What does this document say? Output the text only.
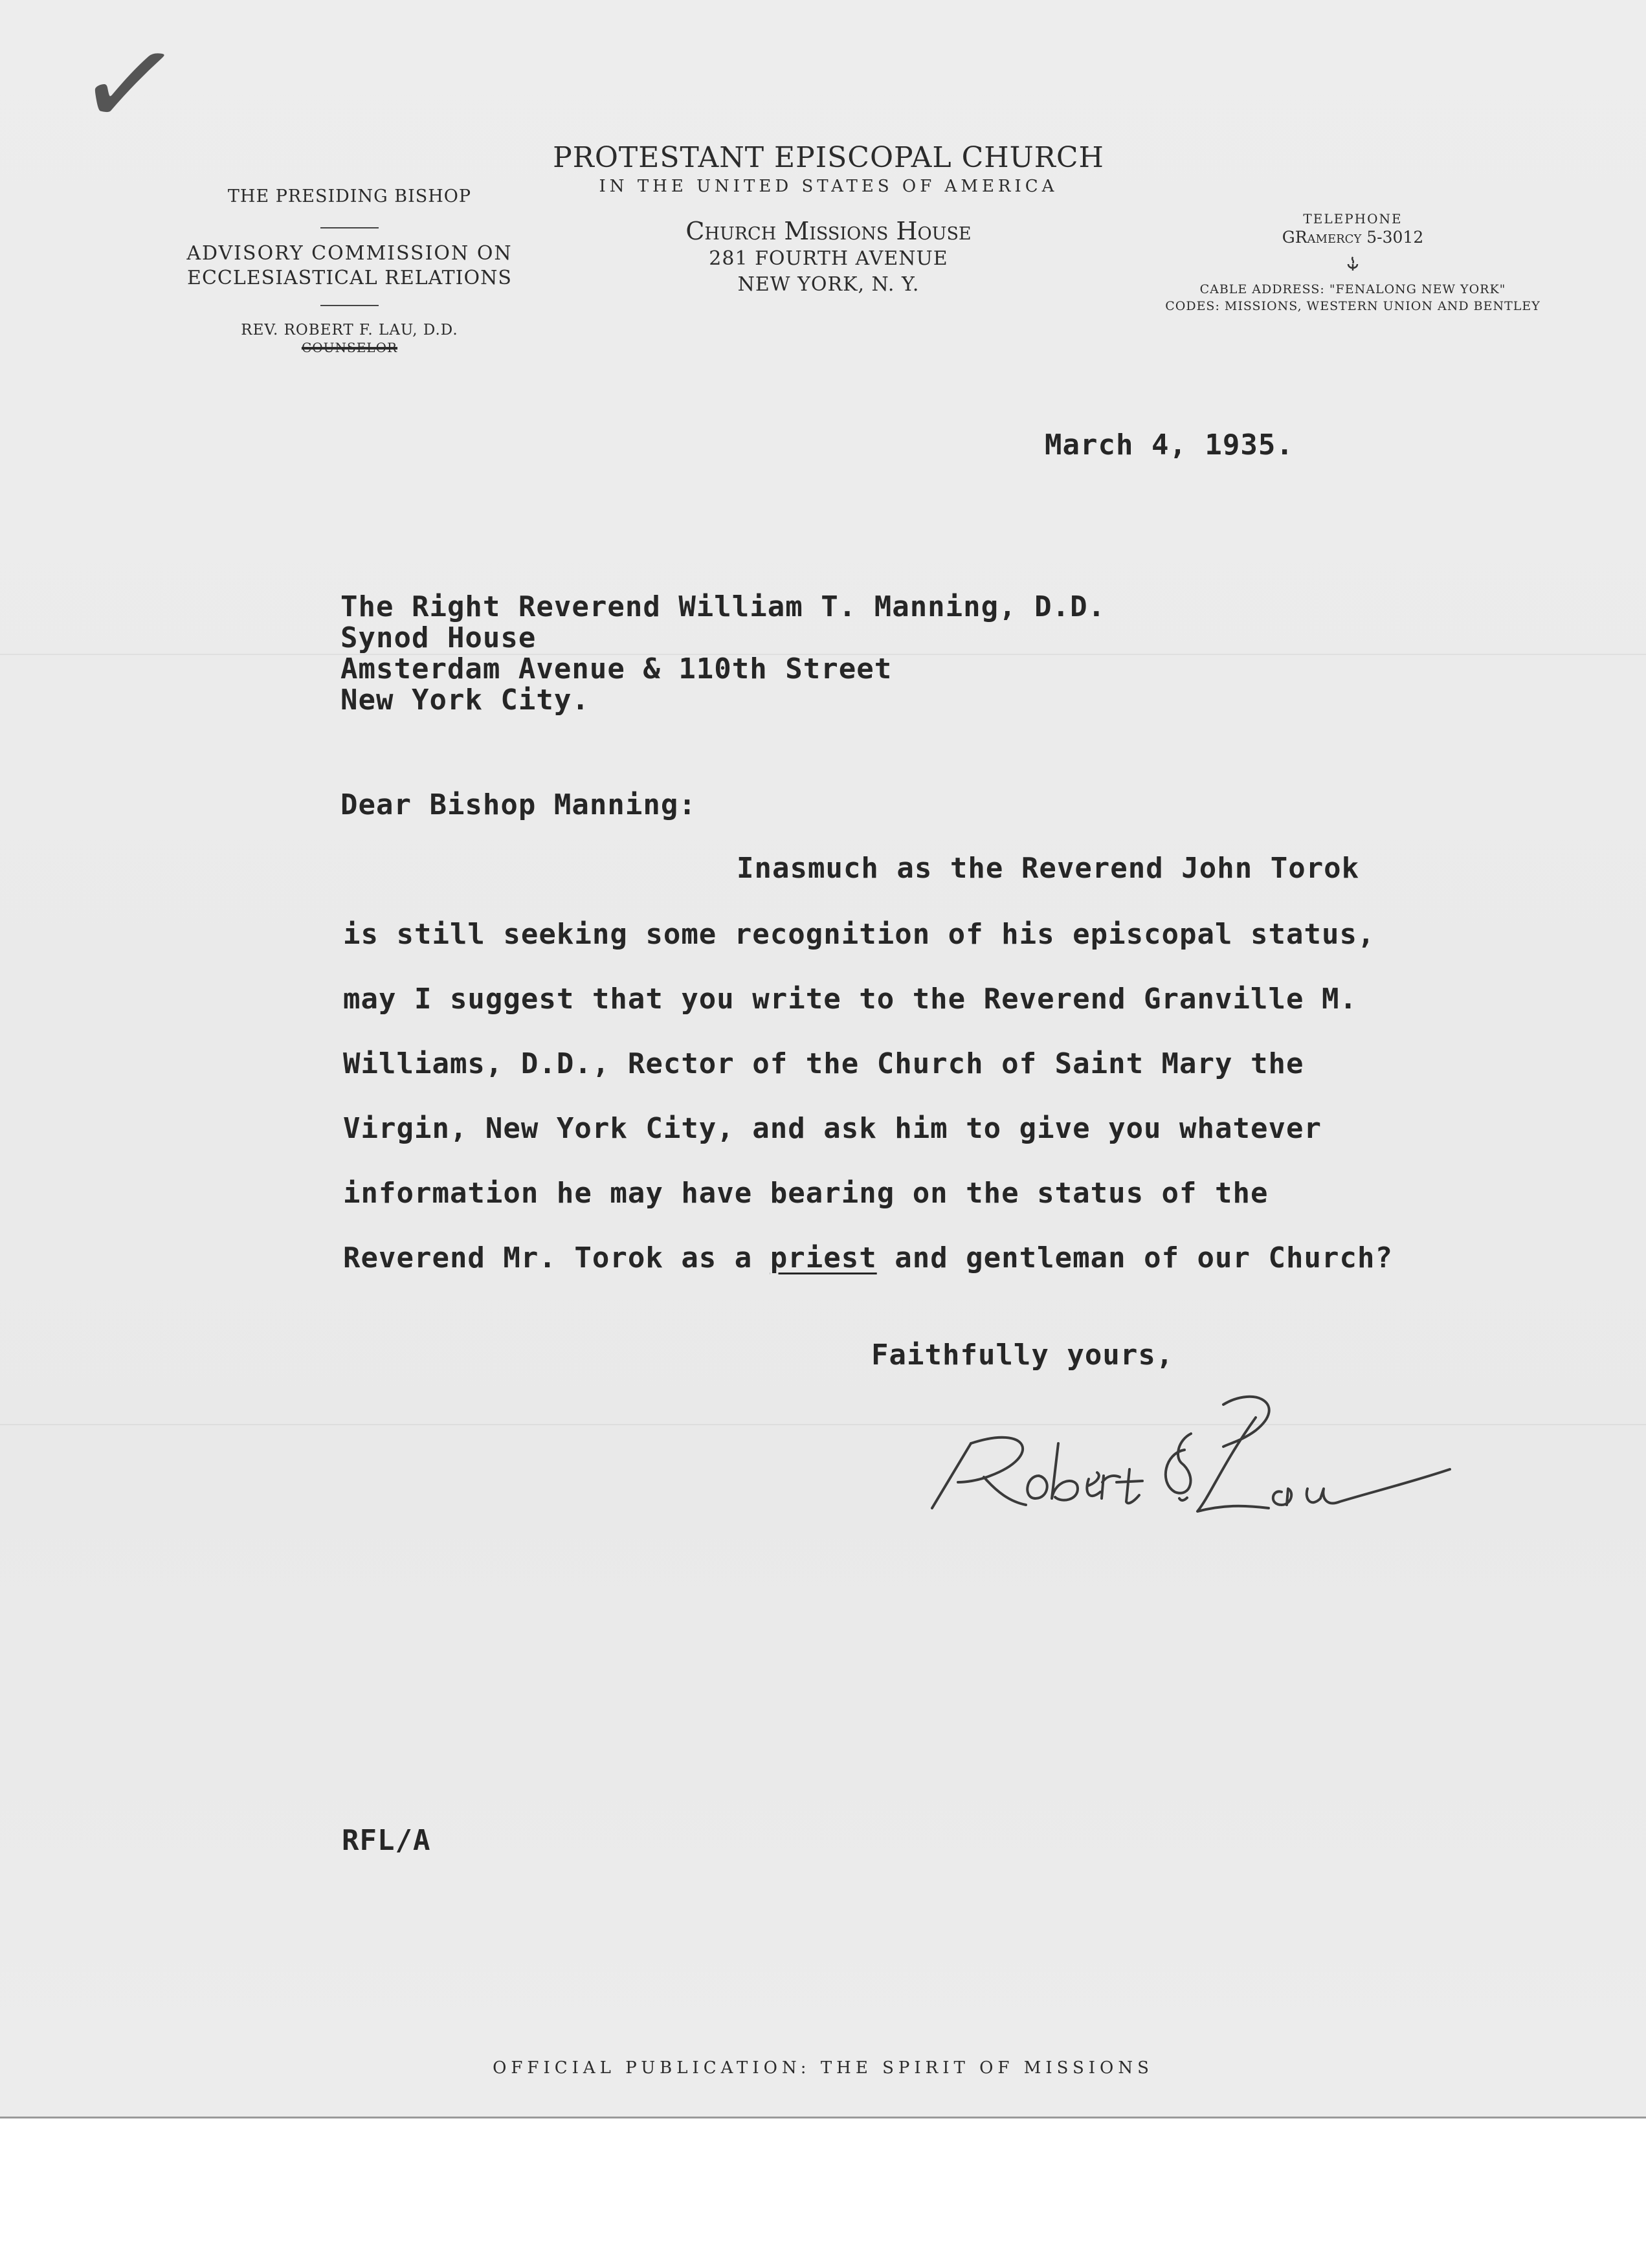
✓
THE PRESIDING BISHOP
ADVISORY COMMISSION ON
ECCLESIASTICAL RELATIONS
REV. ROBERT F. LAU, D.D.
COUNSELOR
PROTESTANT EPISCOPAL CHURCH
IN THE UNITED STATES OF AMERICA
Church Missions House
281 FOURTH AVENUE
NEW YORK, N. Y.
TELEPHONE
GRamercy 5-3012
CABLE ADDRESS: "FENALONG NEW YORK"
CODES: MISSIONS, WESTERN UNION AND BENTLEY
March 4, 1935.
The Right Reverend William T. Manning, D.D.
Synod House
Amsterdam Avenue & 110th Street
New York City.
Dear Bishop Manning:
Inasmuch as the Reverend John Torok
is still seeking some recognition of his episcopal status,
may I suggest that you write to the Reverend Granville M.
Williams, D.D., Rector of the Church of Saint Mary the
Virgin, New York City, and ask him to give you whatever
information he may have bearing on the status of the
Reverend Mr. Torok as a priest and gentleman of our Church?
Faithfully yours,
RFL/A
OFFICIAL PUBLICATION: THE SPIRIT OF MISSIONS
